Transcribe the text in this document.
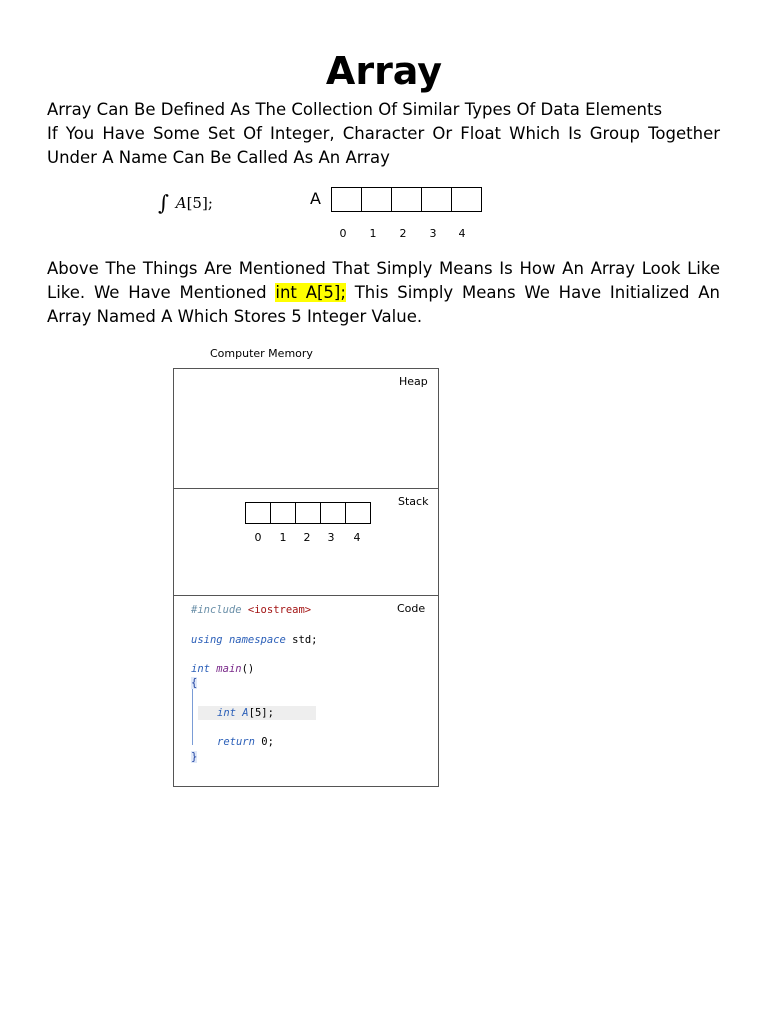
Array
Array Can Be Defined As The Collection Of Similar Types Of Data Elements
If You Have Some Set Of Integer, Character Or Float Which Is Group Together
Under A Name Can Be Called As An Array
∫ A[5];	A
0	1	2	3	4
Above The Things Are Mentioned That Simply Means Is How An Array Look Like
Like. We Have Mentioned int A[5]; This Simply Means We Have Initialized An
Array Named A Which Stores 5 Integer Value.
Computer Memory
Heap
Stack
0	1	2	3	4
Code
#include <iostream>
using namespace std;
int main()
{
int A[5];
return 0;
}
